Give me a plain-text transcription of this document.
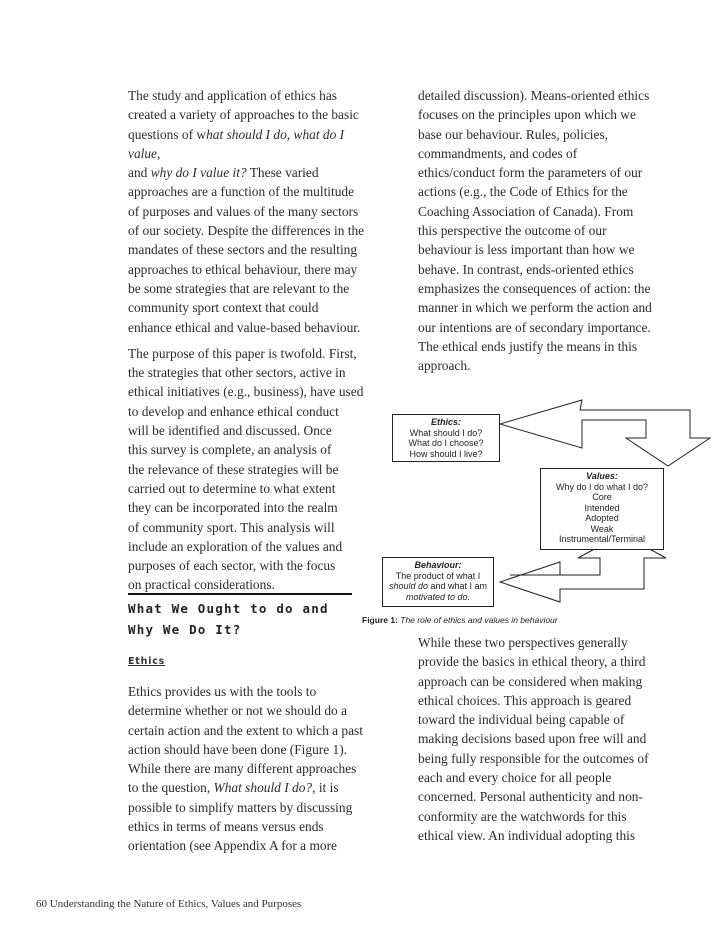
The study and application of ethics has
created a variety of approaches to the basic
questions of what should I do, what do I value,
and why do I value it? These varied
approaches are a function of the multitude
of purposes and values of the many sectors
of our society. Despite the differences in the
mandates of these sectors and the resulting
approaches to ethical behaviour, there may
be some strategies that are relevant to the
community sport context that could
enhance ethical and value-based behaviour.

The purpose of this paper is twofold. First,
the strategies that other sectors, active in
ethical initiatives (e.g., business), have used
to develop and enhance ethical conduct
will be identified and discussed. Once
this survey is complete, an analysis of
the relevance of these strategies will be
carried out to determine to what extent
they can be incorporated into the realm
of community sport. This analysis will
include an exploration of the values and
purposes of each sector, with the focus
on practical considerations.

What We Ought to do and
Why We Do It?
Ethics

Ethics provides us with the tools to
determine whether or not we should do a
certain action and the extent to which a past
action should have been done (Figure 1).
While there are many different approaches
to the question, What should I do?, it is
possible to simplify matters by discussing
ethics in terms of means versus ends
orientation (see Appendix A for a more

detailed discussion). Means-oriented ethics
focuses on the principles upon which we
base our behaviour. Rules, policies,
commandments, and codes of
ethics/conduct form the parameters of our
actions (e.g., the Code of Ethics for the
Coaching Association of Canada). From
this perspective the outcome of our
behaviour is less important than how we
behave. In contrast, ends-oriented ethics
emphasizes the consequences of action: the
manner in which we perform the action and
our intentions are of secondary importance.
The ethical ends justify the means in this
approach.

Ethics:
What should I do?
What do I choose?
How should I live?
Values:
Why do I do what I do?
Core
Intended
Adopted
Weak
Instrumental/Terminal
Behaviour:
The product of what I
should do and what I am
motivated to do.
Figure 1: The role of ethics and values in behaviour

While these two perspectives generally
provide the basics in ethical theory, a third
approach can be considered when making
ethical choices. This approach is geared
toward the individual being capable of
making decisions based upon free will and
being fully responsible for the outcomes of
each and every choice for all people
concerned. Personal authenticity and non-
conformity are the watchwords for this
ethical view. An individual adopting this

60 Understanding the Nature of Ethics, Values and Purposes
